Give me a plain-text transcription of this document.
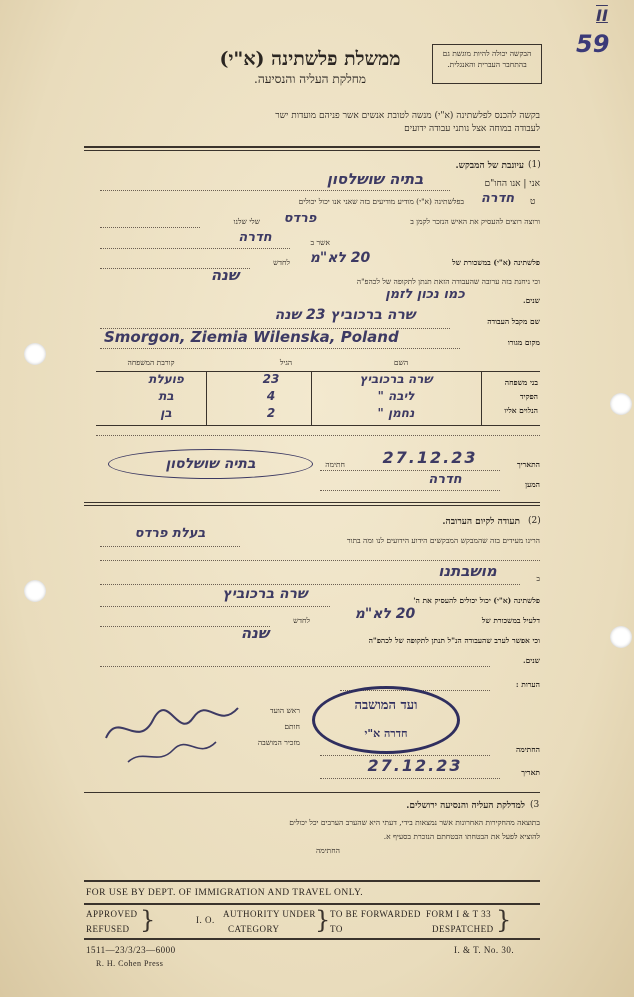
II
59
ממשלת פלשתינה (א"י)
מחלקת העליה והנסיעה.
הבקשה יכולה להיות מוגשת גם בהתחבר העברית והאנגלית.
בקשה להכנס לפלשתינה (א"י) מנשה לטובת אנשים אשר פניהם מועדות ישר
לעבודה במוחה אצל נותני עבודה ידועים
(1)
עיונבת של המבקש.
אני | אנו החו"ם
בתיה שושלסון
ט
חדרה
בפלשתינה (א"י) מודיע מודיעים בזה שאני אנו יכול יכולים
ורוצה רוצים להעסיק את האיש הנזכר לקמן ב
פרדס
שלי שלנו
אשר ב
חדרה
פלשתינה (א"י) במשכורת של
20 לא"מ
לחדש
וכי ניחנת בזה ערובה שהעבודה הזאת תנתן לתקופה של לכהפ"ה
שנה
שנים.
כמו נכון לזמן
שם מקבל העבודה
שרה ברכוביץ 23 שנה
מקום מגורו
Smorgon, Ziemia Wilenska, Poland
השם
הגיל
קורבת המשפחה
בני משפחה
הפקיד
הנלוים אליו
שרה ברכוביץ
23
פועלת
ליבה "
4
בת
נחמן "
2
בן
התאריך
27.12.23
חתימה
בתיה שושלסון
המען
חדרה
(2)
תעודה לקיום הערובה.
הרינו מעידים בזה שהמבקש המבקשים הידוע הידועים לנו ומה בתור
בעלת פרדס
ב
מושבתנו
פלשתינה (א"י) יכול יכולים להעסיק את ה'
שרה ברכוביץ
דלעיל במשכורת של
20 לא"מ
לחדש
וכי אפשר לערב שהעבודה הנ"ל תנתן לתקופה של לכהפ"ה
שנה
שנים.
הערות :
ראש הועד
חותם
מזכיר המושבה
ועד המושבה
חדרה א"י
החתימה
תאריך
27.12.23
(3
למדלקת העליה והנסיעה ירושלים.
בתוצאה מהחקירות האחרונות אשר נמצאות בידי, דעתי היא שהערב הערבים יכל יכולים
להוציא לפעל את הבטחתו הבטחתם הנזכרת בסעיף א.
החתימה
FOR USE BY DEPT. OF IMMIGRATION AND TRAVEL ONLY.
APPROVED
REFUSED }	I. O.
AUTHORITY UNDER
CATEGORY } TO BE FORWARDED
TO
FORM I & T 33
DESPATCHED }
1511—23/3/23—6000
R. H. Cohen Press
I. & T. No. 30.
